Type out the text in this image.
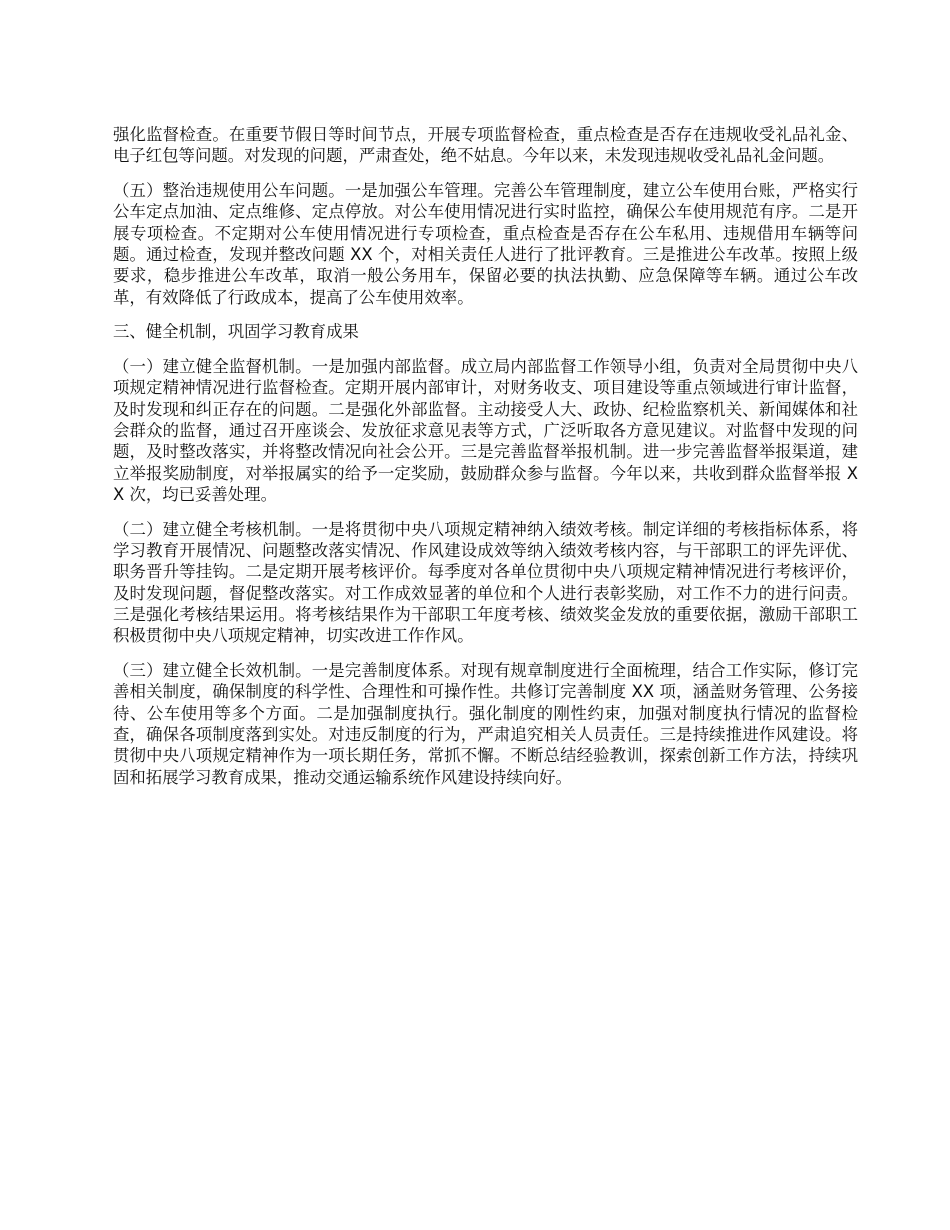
强化监督检查。在重要节假日等时间节点，开展专项监督检查，重点检查是否存在违规收受礼品礼金、电子红包等问题。对发现的问题，严肃查处，绝不姑息。今年以来，未发现违规收受礼品礼金问题。

（五）整治违规使用公车问题。一是加强公车管理。完善公车管理制度，建立公车使用台账，严格实行公车定点加油、定点维修、定点停放。对公车使用情况进行实时监控，确保公车使用规范有序。二是开展专项检查。不定期对公车使用情况进行专项检查，重点检查是否存在公车私用、违规借用车辆等问题。通过检查，发现并整改问题 XX 个，对相关责任人进行了批评教育。三是推进公车改革。按照上级要求，稳步推进公车改革，取消一般公务用车，保留必要的执法执勤、应急保障等车辆。通过公车改革，有效降低了行政成本，提高了公车使用效率。

三、健全机制，巩固学习教育成果

（一）建立健全监督机制。一是加强内部监督。成立局内部监督工作领导小组，负责对全局贯彻中央八项规定精神情况进行监督检查。定期开展内部审计，对财务收支、项目建设等重点领域进行审计监督，及时发现和纠正存在的问题。二是强化外部监督。主动接受人大、政协、纪检监察机关、新闻媒体和社会群众的监督，通过召开座谈会、发放征求意见表等方式，广泛听取各方意见建议。对监督中发现的问题，及时整改落实，并将整改情况向社会公开。三是完善监督举报机制。进一步完善监督举报渠道，建立举报奖励制度，对举报属实的给予一定奖励，鼓励群众参与监督。今年以来，共收到群众监督举报 XX 次，均已妥善处理。

（二）建立健全考核机制。一是将贯彻中央八项规定精神纳入绩效考核。制定详细的考核指标体系，将学习教育开展情况、问题整改落实情况、作风建设成效等纳入绩效考核内容，与干部职工的评先评优、职务晋升等挂钩。二是定期开展考核评价。每季度对各单位贯彻中央八项规定精神情况进行考核评价，及时发现问题，督促整改落实。对工作成效显著的单位和个人进行表彰奖励，对工作不力的进行问责。三是强化考核结果运用。将考核结果作为干部职工年度考核、绩效奖金发放的重要依据，激励干部职工积极贯彻中央八项规定精神，切实改进工作作风。

（三）建立健全长效机制。一是完善制度体系。对现有规章制度进行全面梳理，结合工作实际，修订完善相关制度，确保制度的科学性、合理性和可操作性。共修订完善制度 XX 项，涵盖财务管理、公务接待、公车使用等多个方面。二是加强制度执行。强化制度的刚性约束，加强对制度执行情况的监督检查，确保各项制度落到实处。对违反制度的行为，严肃追究相关人员责任。三是持续推进作风建设。将贯彻中央八项规定精神作为一项长期任务，常抓不懈。不断总结经验教训，探索创新工作方法，持续巩固和拓展学习教育成果，推动交通运输系统作风建设持续向好。
